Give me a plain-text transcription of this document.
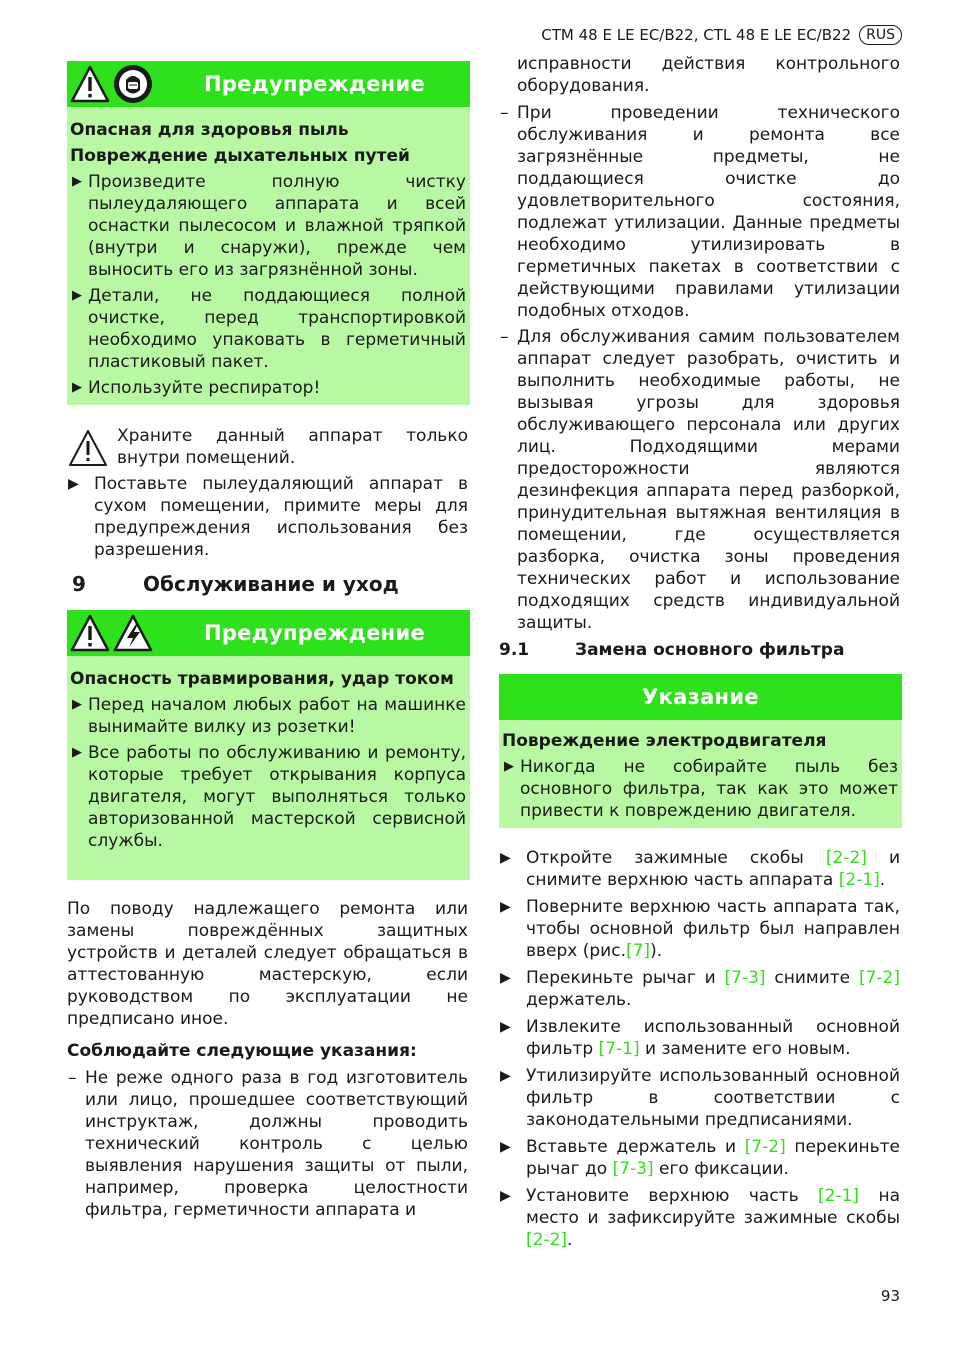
CTM 48 E LE EC/B22, CTL 48 E LE EC/B22	RUS
Предупреждение

Опасная для здоровья пыль

Повреждение дыхательных путей

▶ Произведите полную чистку пылеудаляющего аппарата и всей оснастки пылесосом и влажной тряпкой (внутри и снаружи), прежде чем выносить его из загрязнённой зоны.
▶ Детали, не поддающиеся полной очистке, перед транспортировкой необходимо упаковать в герметичный пластиковый пакет.
▶ Используйте респиратор!

Храните данный аппарат только внутри помещений.

▶ Поставьте пылеудаляющий аппарат в сухом помещении, примите меры для предупреждения использования без разрешения.
9	Обслуживание и уход
Предупреждение

Опасность травмирования, удар током

▶ Перед началом любых работ на машинке вынимайте вилку из розетки!
▶ Все работы по обслуживанию и ремонту, которые требует открывания корпуса двигателя, могут выполняться только авторизованной мастерской сервисной службы.

По поводу надлежащего ремонта или замены повреждённых защитных устройств и деталей следует обращаться в аттестованную мастерскую, если руководством по эксплуатации не предписано иное.

Соблюдайте следующие указания:

– Не реже одного раза в год изготовитель или лицо, прошедшее соответствующий инструктаж, должны проводить технический контроль с целью выявления нарушения защиты от пыли, например, проверка целостности фильтра, герметичности аппарата и

исправности действия контрольного оборудования.

– При проведении технического обслуживания и ремонта все загрязнённые предметы, не поддающиеся очистке до удовлетворительного состояния, подлежат утилизации. Данные предметы необходимо утилизировать в герметичных пакетах в соответствии с действующими правилами утилизации подобных отходов.
– Для обслуживания самим пользователем аппарат следует разобрать, очистить и выполнить необходимые работы, не вызывая угрозы для здоровья обслуживающего персонала или других лиц. Подходящими мерами предосторожности являются дезинфекция аппарата перед разборкой, принудительная вытяжная вентиляция в помещении, где осуществляется разборка, очистка зоны проведения технических работ и использование подходящих средств индивидуальной защиты.
9.1	Замена основного фильтра
Указание

Повреждение электродвигателя

▶ Никогда не собирайте пыль без основного фильтра, так как это может привести к повреждению двигателя.
▶ Откройте зажимные скобы [2-2] и снимите верхнюю часть аппарата [2-1].
▶ Поверните верхнюю часть аппарата так, чтобы основной фильтр был направлен вверх (рис.[7]).
▶ Перекиньте рычаг и [7-3] снимите [7-2] держатель.
▶ Извлеките использованный основной фильтр [7-1] и замените его новым.
▶ Утилизируйте использованный основной фильтр в соответствии с законодательными предписаниями.
▶ Вставьте держатель и [7-2] перекиньте рычаг до [7-3] его фиксации.
▶ Установите верхнюю часть [2-1] на место и зафиксируйте зажимные скобы [2-2].
93
